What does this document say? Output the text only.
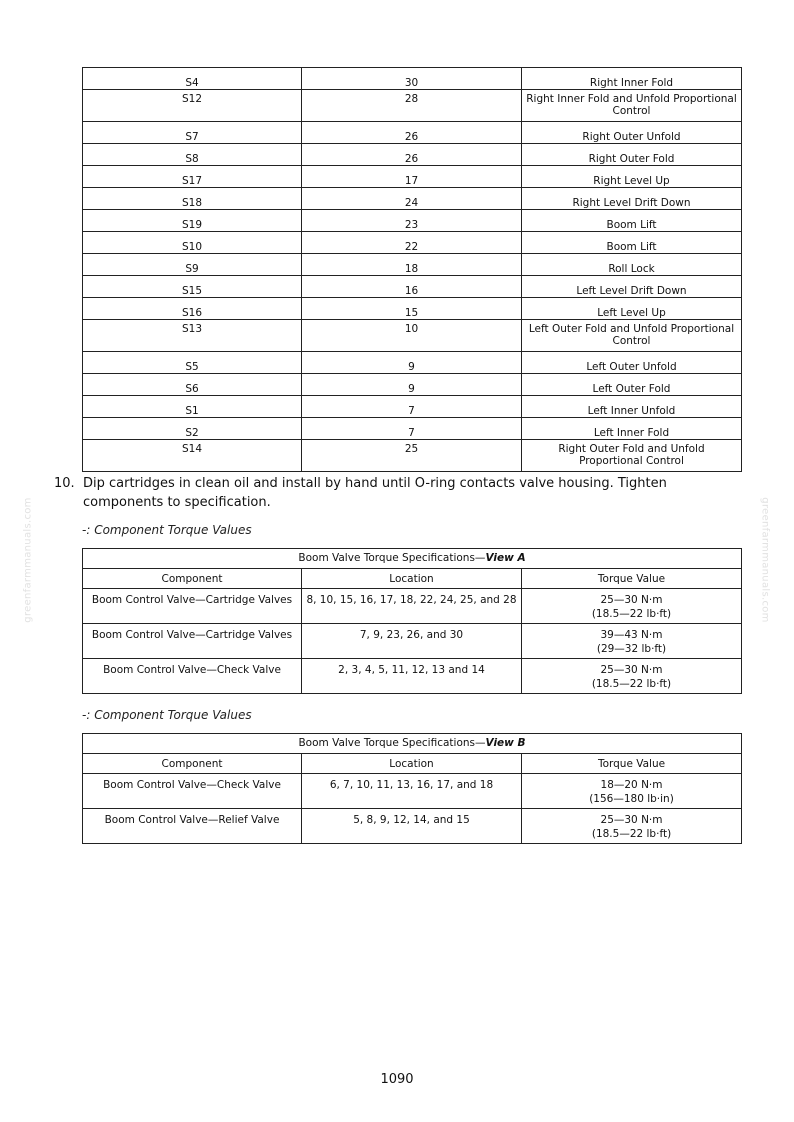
greenfarmmanuals.com	greenfarmmanuals.com
S4	30	Right Inner Fold
S12	28	Right Inner Fold and Unfold Proportional Control
S7	26	Right Outer Unfold
S8	26	Right Outer Fold
S17	17	Right Level Up
S18	24	Right Level Drift Down
S19	23	Boom Lift
S10	22	Boom Lift
S9	18	Roll Lock
S15	16	Left Level Drift Down
S16	15	Left Level Up
S13	10	Left Outer Fold and Unfold Proportional Control
S5	9	Left Outer Unfold
S6	9	Left Outer Fold
S1	7	Left Inner Unfold
S2	7	Left Inner Fold
S14	25	Right Outer Fold and Unfold Proportional Control
10. Dip cartridges in clean oil and install by hand until O-ring contacts valve housing. Tighten components to specification.
-: Component Torque Values
Boom Valve Torque Specifications—View A		
Component	Location	Torque Value
Boom Control Valve—Cartridge Valves	8, 10, 15, 16, 17, 18, 22, 24, 25, and 28	25—30 N·m
(18.5—22 lb·ft)

Boom Control Valve—Cartridge Valves	7, 9, 23, 26, and 30	39—43 N·m
(29—32 lb·ft)

Boom Control Valve—Check Valve	2, 3, 4, 5, 11, 12, 13 and 14	25—30 N·m
(18.5—22 lb·ft)
-: Component Torque Values
Boom Valve Torque Specifications—View B		
Component	Location	Torque Value
Boom Control Valve—Check Valve	6, 7, 10, 11, 13, 16, 17, and 18	18—20 N·m
(156—180 lb·in)

Boom Control Valve—Relief Valve	5, 8, 9, 12, 14, and 15	25—30 N·m
(18.5—22 lb·ft)
1090
